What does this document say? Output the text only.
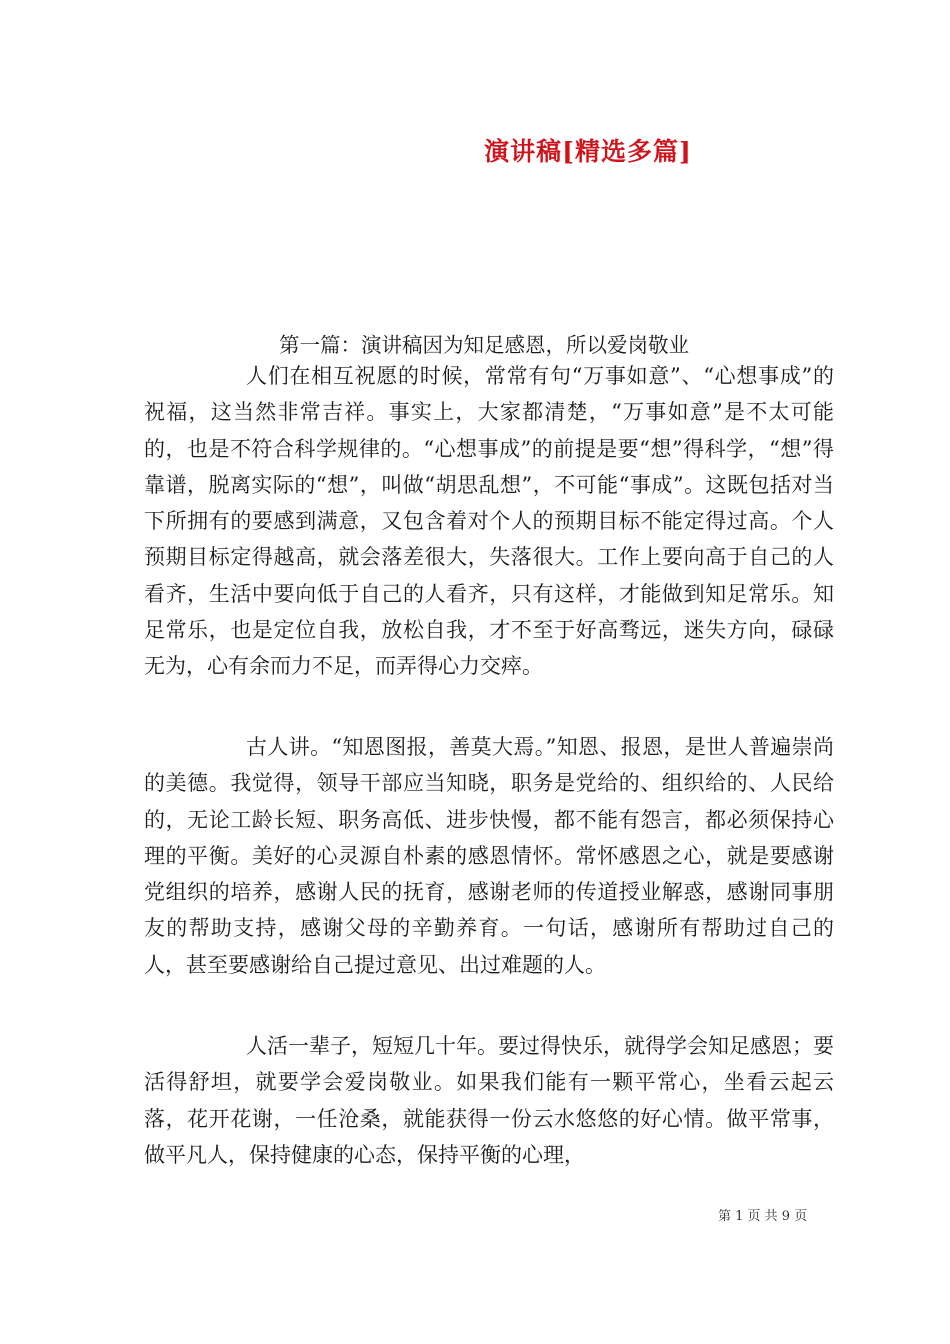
演讲稿[精选多篇]

第一篇：演讲稿因为知足感恩，所以爱岗敬业

人们在相互祝愿的时候，常常有句“万事如意”、“心想事成”的祝福，这当然非常吉祥。事实上，大家都清楚，“万事如意”是不太可能的，也是不符合科学规律的。“心想事成”的前提是要“想”得科学，“想”得靠谱，脱离实际的“想”，叫做“胡思乱想”，不可能“事成”。这既包括对当下所拥有的要感到满意，又包含着对个人的预期目标不能定得过高。个人预期目标定得越高，就会落差很大，失落很大。工作上要向高于自己的人看齐，生活中要向低于自己的人看齐，只有这样，才能做到知足常乐。知足常乐，也是定位自我，放松自我，才不至于好高骛远，迷失方向，碌碌无为，心有余而力不足，而弄得心力交瘁。

古人讲。“知恩图报，善莫大焉。”知恩、报恩，是世人普遍崇尚的美德。我觉得，领导干部应当知晓，职务是党给的、组织给的、人民给的，无论工龄长短、职务高低、进步快慢，都不能有怨言，都必须保持心理的平衡。美好的心灵源自朴素的感恩情怀。常怀感恩之心，就是要感谢党组织的培养，感谢人民的抚育，感谢老师的传道授业解惑，感谢同事朋友的帮助支持，感谢父母的辛勤养育。一句话，感谢所有帮助过自己的人，甚至要感谢给自己提过意见、出过难题的人。

人活一辈子，短短几十年。要过得快乐，就得学会知足感恩；要活得舒坦，就要学会爱岗敬业。如果我们能有一颗平常心，坐看云起云落，花开花谢，一任沧桑，就能获得一份云水悠悠的好心情。做平常事，做平凡人，保持健康的心态，保持平衡的心理，

第 1 页 共 9 页
